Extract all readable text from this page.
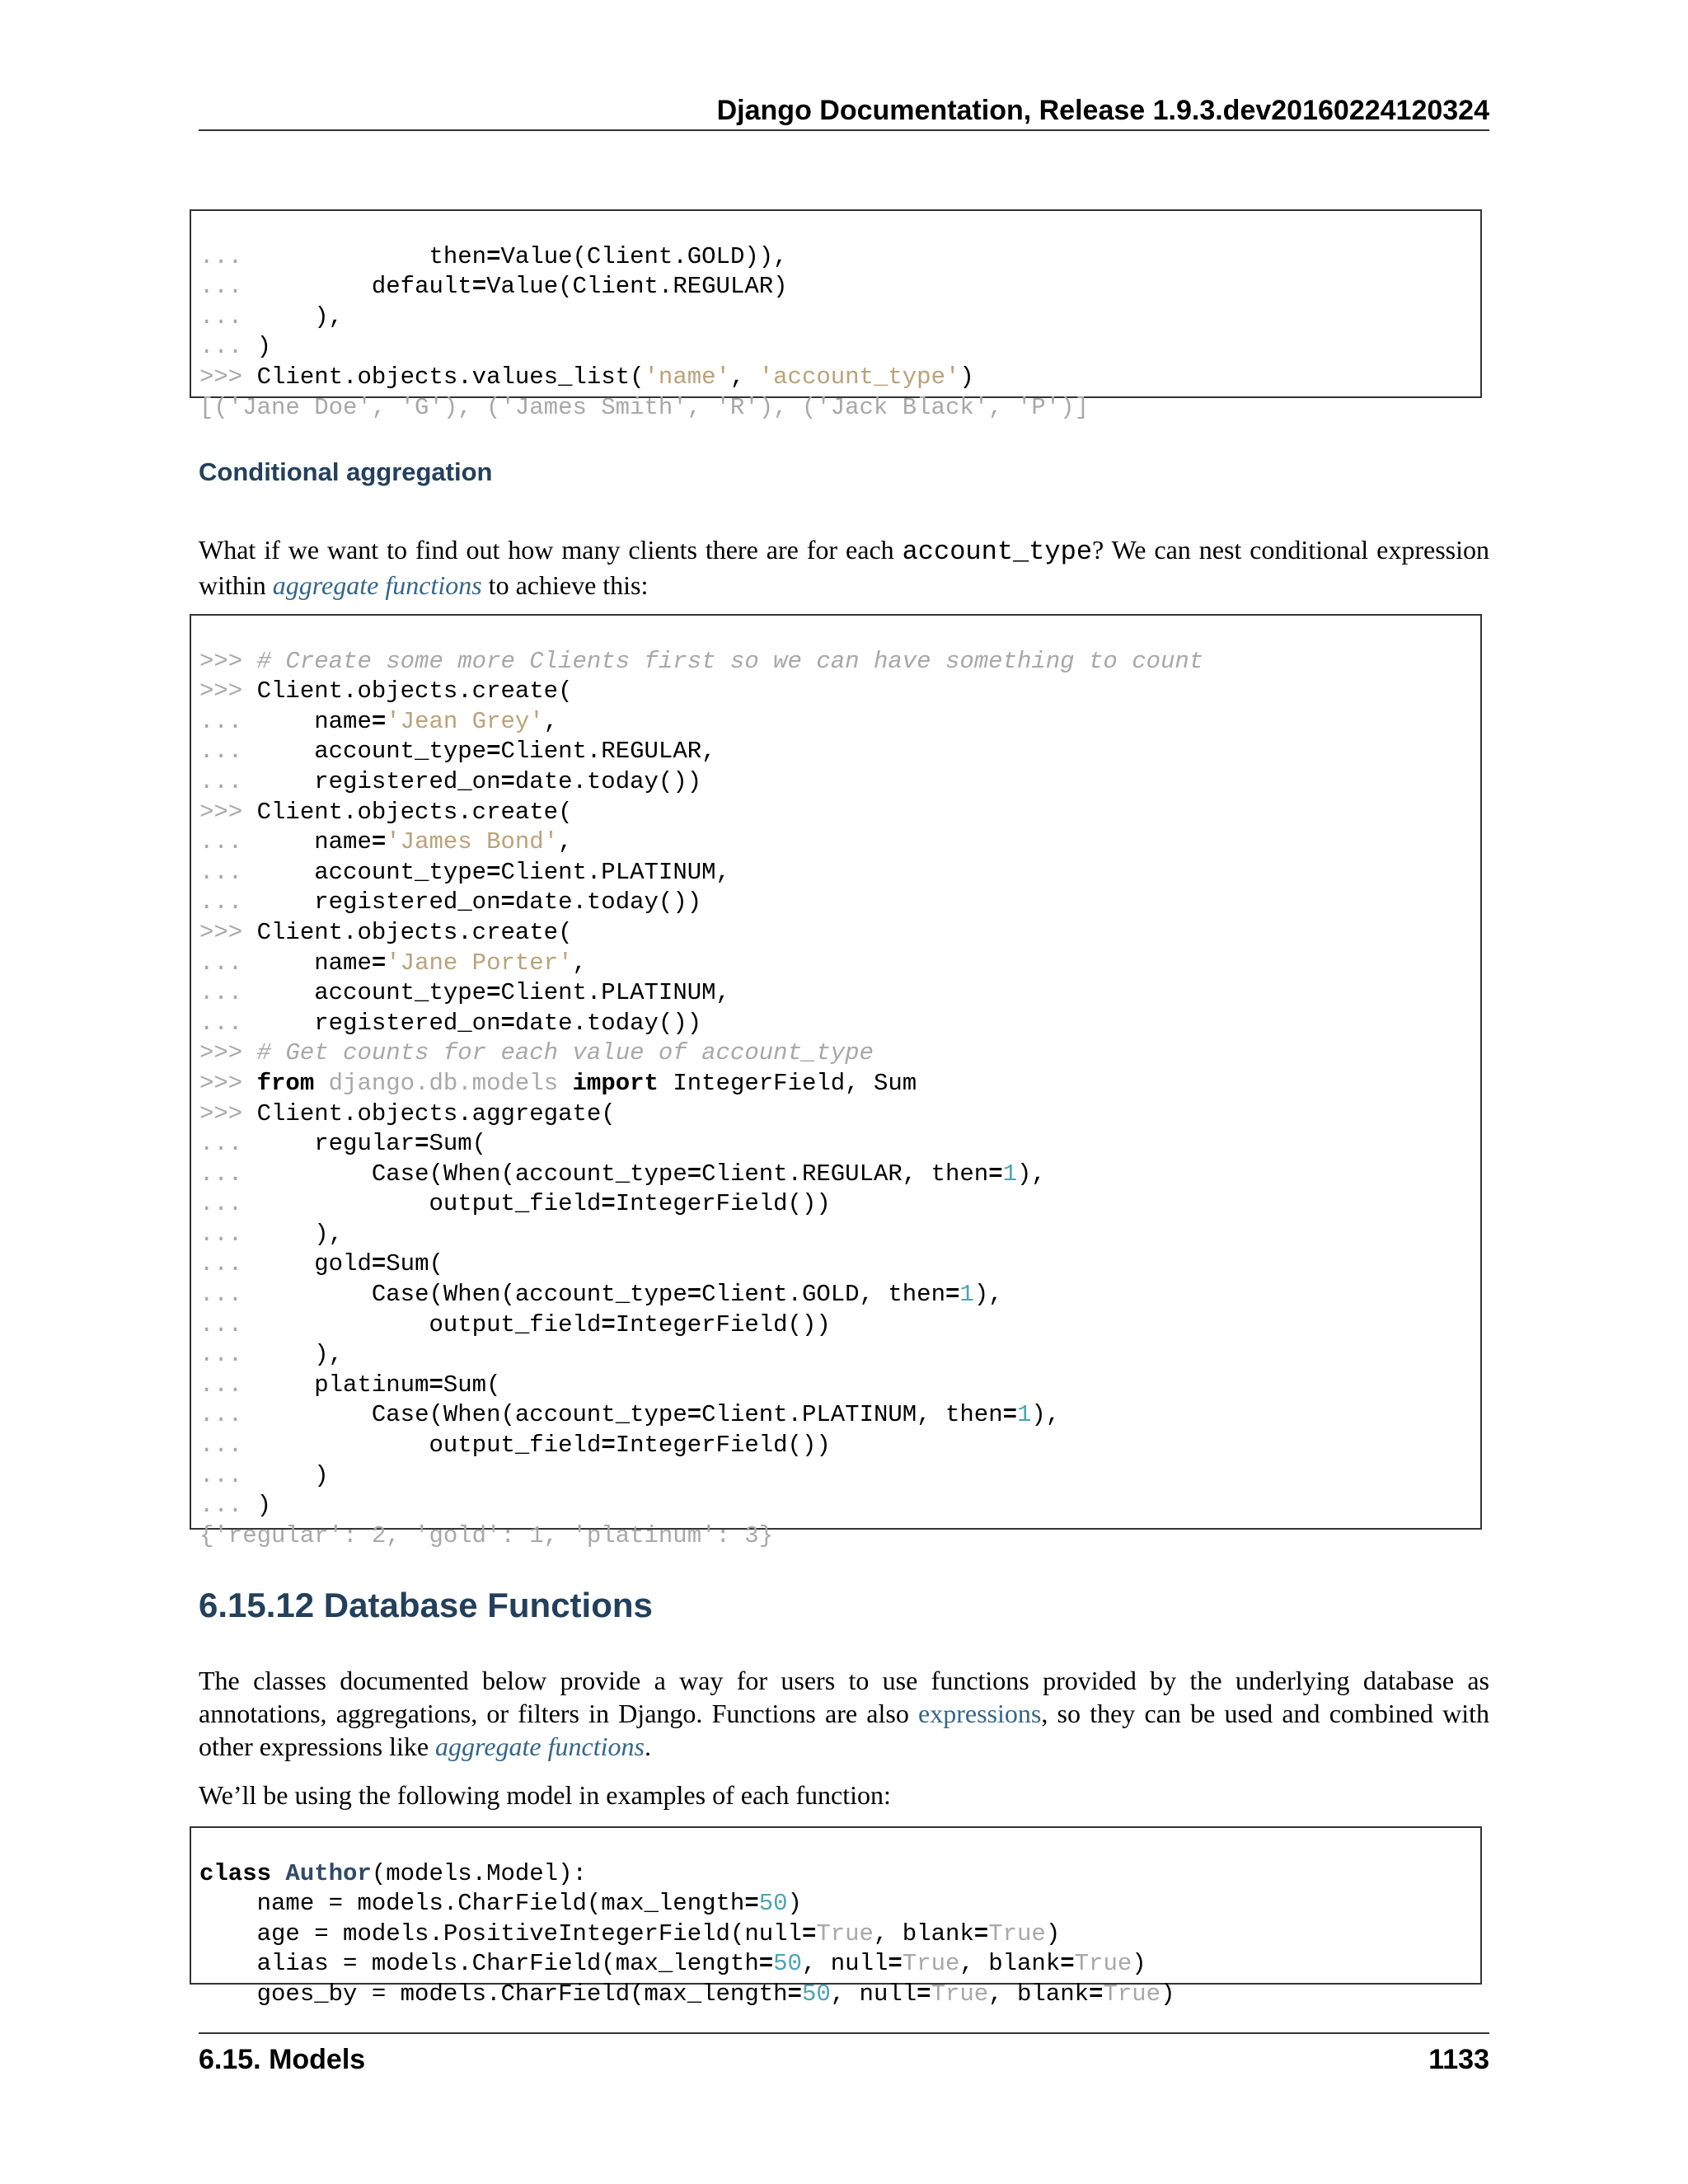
Django Documentation, Release 1.9.3.dev20160224120324

...	then=Value(Client.GOLD)),
...	default=Value(Client.REGULAR)
...	),
... )
>>> Client.objects.values_list('name', 'account_type')
[('Jane Doe', 'G'), ('James Smith', 'R'), ('Jack Black', 'P')]
Conditional aggregation
What if we want to find out how many clients there are for each account_type? We can nest conditional expression within aggregate functions to achieve this:

>>> # Create some more Clients first so we can have something to count
>>> Client.objects.create(
...	name='Jean Grey',
...	account_type=Client.REGULAR,
...	registered_on=date.today())
>>> Client.objects.create(
...	name='James Bond',
...	account_type=Client.PLATINUM,
...	registered_on=date.today())
>>> Client.objects.create(
...	name='Jane Porter',
...	account_type=Client.PLATINUM,
...	registered_on=date.today())
>>> # Get counts for each value of account_type
>>> from django.db.models import IntegerField, Sum
>>> Client.objects.aggregate(
...	regular=Sum(
...	Case(When(account_type=Client.REGULAR, then=1),
...	output_field=IntegerField())
...	),
...	gold=Sum(
...	Case(When(account_type=Client.GOLD, then=1),
...	output_field=IntegerField())
...	),
...	platinum=Sum(
...	Case(When(account_type=Client.PLATINUM, then=1),
...	output_field=IntegerField())
...	)
... )
{'regular': 2, 'gold': 1, 'platinum': 3}
6.15.12 Database Functions
The classes documented below provide a way for users to use functions provided by the underlying database as annotations, aggregations, or filters in Django. Functions are also expressions, so they can be used and combined with other expressions like aggregate functions.
We’ll be using the following model in examples of each function:

class Author(models.Model):
name = models.CharField(max_length=50)
age = models.PositiveIntegerField(null=True, blank=True)
alias = models.CharField(max_length=50, null=True, blank=True)
goes_by = models.CharField(max_length=50, null=True, blank=True)
6.15. Models	1133
